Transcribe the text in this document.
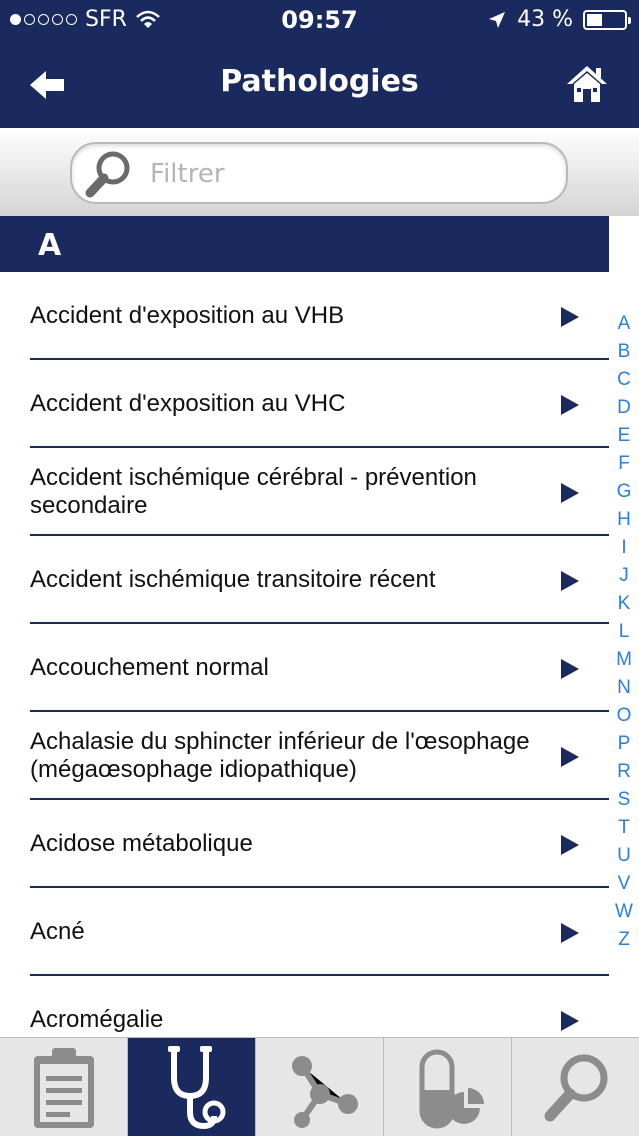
SFR	09:57	43 %
Pathologies
Filtrer
A
Accident d'exposition au VHB
Accident d'exposition au VHC
Accident ischémique cérébral - prévention secondaire
Accident ischémique transitoire récent
Accouchement normal
Achalasie du sphincter inférieur de l'œsophage (mégaœsophage idiopathique)
Acidose métabolique
Acné
Acromégalie
A
B
C
D
E
F
G
H
I
J
K
L
M
N
O
P
R
S
T
U
V
W
Z
